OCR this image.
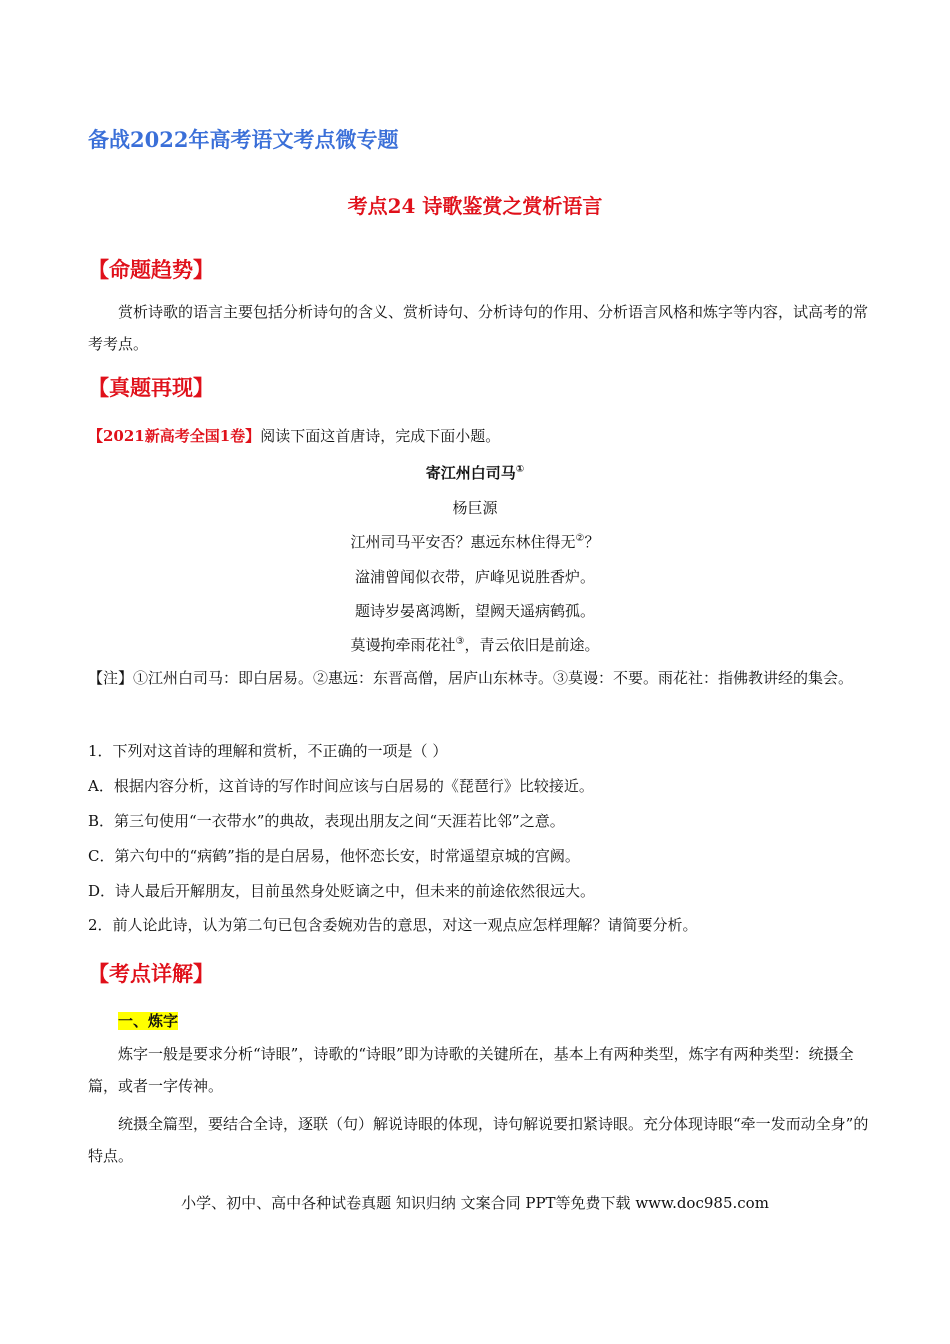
备战2022年高考语文考点微专题
考点24 诗歌鉴赏之赏析语言
【命题趋势】
赏析诗歌的语言主要包括分析诗句的含义、赏析诗句、分析诗句的作用、分析语言风格和炼字等内容，试高考的常考考点。
【真题再现】
【2021新高考全国1卷】阅读下面这首唐诗，完成下面小题。
寄江州白司马①
杨巨源
江州司马平安否？惠远东林住得无②？
湓浦曾闻似衣带，庐峰见说胜香炉。
题诗岁晏离鸿断，望阙天遥病鹤孤。
莫谩拘牵雨花社③，青云依旧是前途。
【注】①江州白司马：即白居易。②惠远：东晋高僧，居庐山东林寺。③莫谩：不要。雨花社：指佛教讲经的集会。
1．下列对这首诗的理解和赏析，不正确的一项是（ ）
A．根据内容分析，这首诗的写作时间应该与白居易的《琵琶行》比较接近。
B．第三句使用“一衣带水”的典故，表现出朋友之间“天涯若比邻”之意。
C．第六句中的“病鹤”指的是白居易，他怀恋长安，时常遥望京城的宫阙。
D．诗人最后开解朋友，目前虽然身处贬谪之中，但未来的前途依然很远大。
2．前人论此诗，认为第二句已包含委婉劝告的意思，对这一观点应怎样理解？请简要分析。
【考点详解】
一、炼字
炼字一般是要求分析“诗眼”，诗歌的“诗眼”即为诗歌的关键所在，基本上有两种类型，炼字有两种类型：统摄全篇，或者一字传神。
统摄全篇型，要结合全诗，逐联（句）解说诗眼的体现，诗句解说要扣紧诗眼。充分体现诗眼“牵一发而动全身”的特点。
小学、初中、高中各种试卷真题 知识归纳 文案合同 PPT等免费下载 www.doc985.com
